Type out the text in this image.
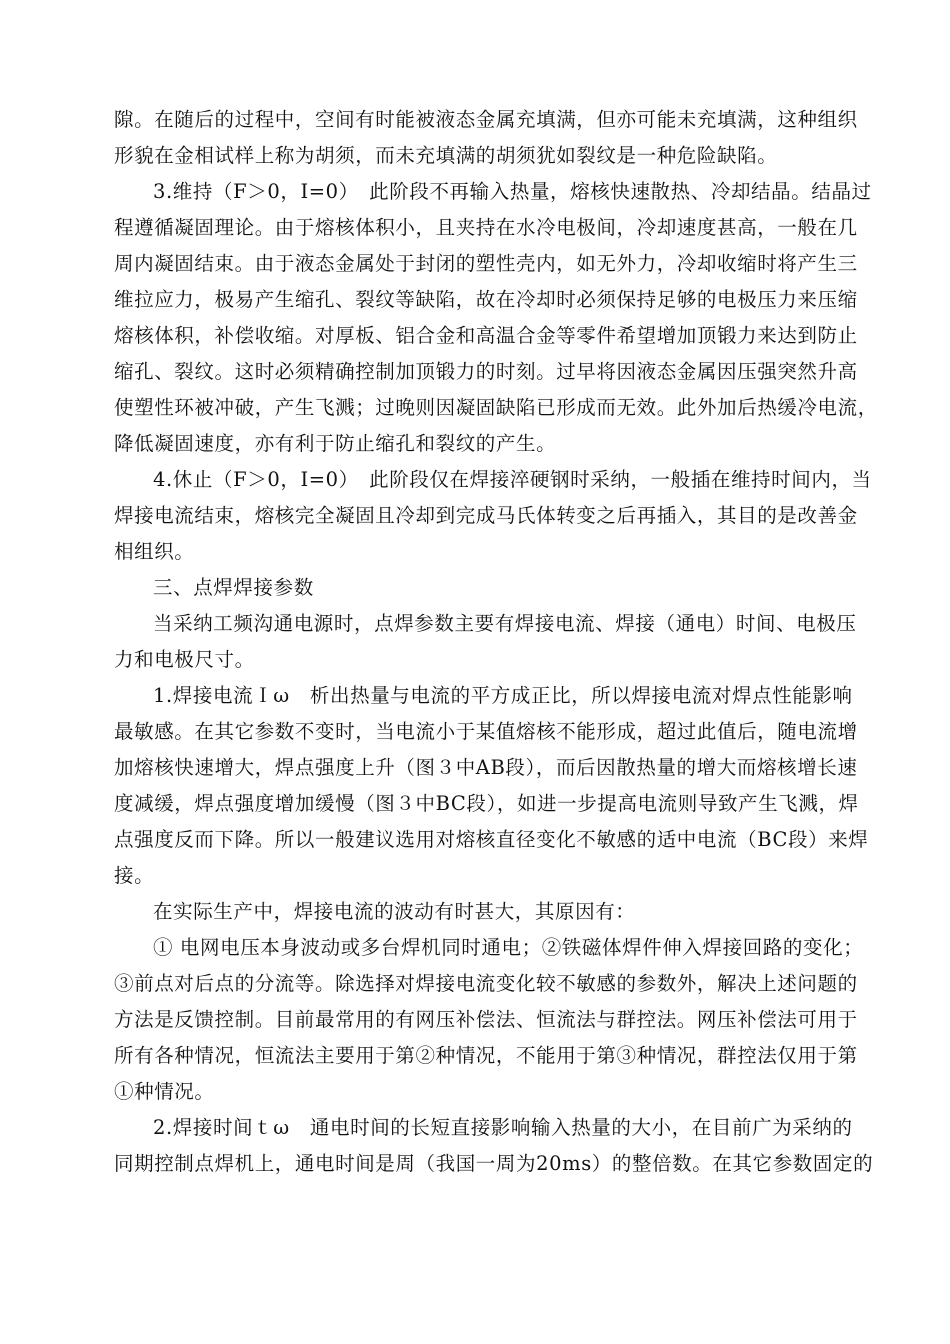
隙。在随后的过程中，空间有时能被液态金属充填满，但亦可能未充填满，这种组织
形貌在金相试样上称为胡须，而未充填满的胡须犹如裂纹是一种危险缺陷。
3.维持（F＞0，I=0）　此阶段不再输入热量，熔核快速散热、冷却结晶。结晶过
程遵循凝固理论。由于熔核体积小，且夹持在水冷电极间，冷却速度甚高，一般在几
周内凝固结束。由于液态金属处于封闭的塑性壳内，如无外力，冷却收缩时将产生三
维拉应力，极易产生缩孔、裂纹等缺陷，故在冷却时必须保持足够的电极压力来压缩
熔核体积，补偿收缩。对厚板、铝合金和高温合金等零件希望增加顶锻力来达到防止
缩孔、裂纹。这时必须精确控制加顶锻力的时刻。过早将因液态金属因压强突然升高
使塑性环被冲破，产生飞溅；过晚则因凝固缺陷已形成而无效。此外加后热缓冷电流，
降低凝固速度，亦有利于防止缩孔和裂纹的产生。
4.休止（F＞0，I=0）　此阶段仅在焊接淬硬钢时采纳，一般插在维持时间内，当
焊接电流结束，熔核完全凝固且冷却到完成马氏体转变之后再插入，其目的是改善金
相组织。
三、点焊焊接参数
当采纳工频沟通电源时，点焊参数主要有焊接电流、焊接（通电）时间、电极压
力和电极尺寸。
1.焊接电流Ｉω　析出热量与电流的平方成正比，所以焊接电流对焊点性能影响
最敏感。在其它参数不变时，当电流小于某值熔核不能形成，超过此值后，随电流增
加熔核快速增大，焊点强度上升（图３中AB段），而后因散热量的增大而熔核增长速
度减缓，焊点强度增加缓慢（图３中BC段），如进一步提高电流则导致产生飞溅，焊
点强度反而下降。所以一般建议选用对熔核直径变化不敏感的适中电流（BC段）来焊
接。
在实际生产中，焊接电流的波动有时甚大，其原因有：
① 电网电压本身波动或多台焊机同时通电；②铁磁体焊件伸入焊接回路的变化；
③前点对后点的分流等。除选择对焊接电流变化较不敏感的参数外，解决上述问题的
方法是反馈控制。目前最常用的有网压补偿法、恒流法与群控法。网压补偿法可用于
所有各种情况，恒流法主要用于第②种情况，不能用于第③种情况，群控法仅用于第
①种情况。
2.焊接时间ｔω　通电时间的长短直接影响输入热量的大小，在目前广为采纳的
同期控制点焊机上，通电时间是周（我国一周为20ms）的整倍数。在其它参数固定的
